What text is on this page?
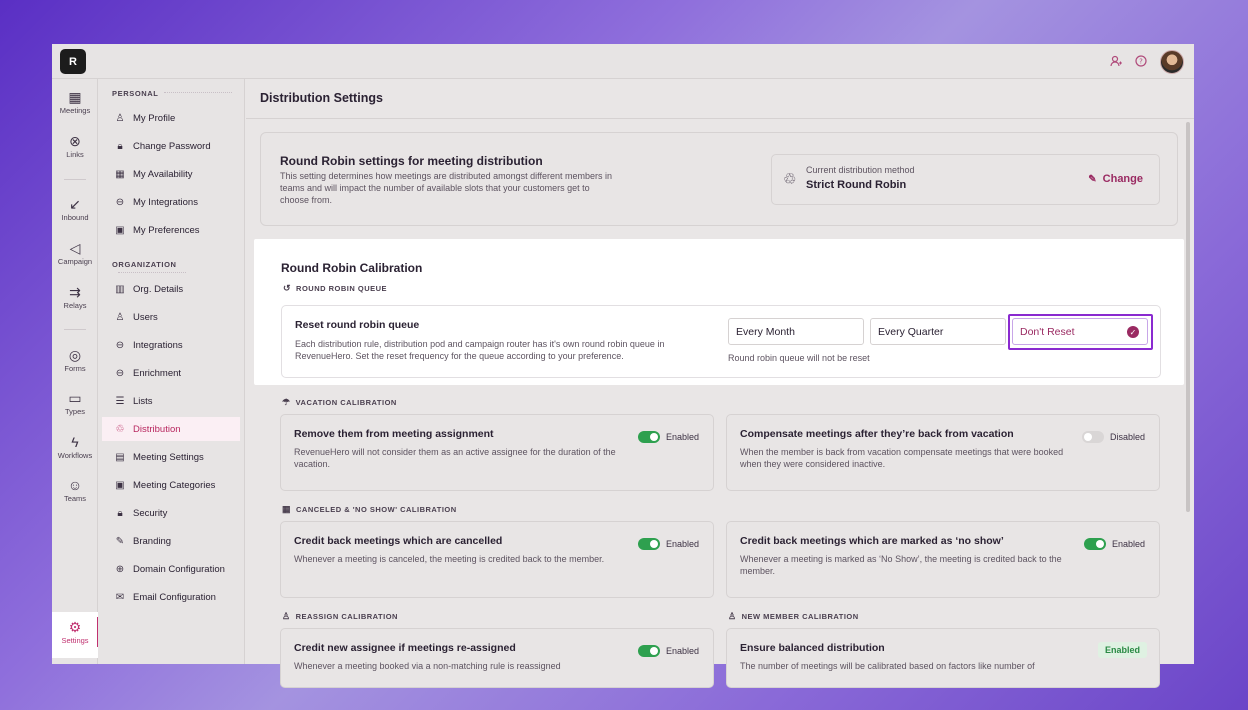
R	?
▦
Meetings
⊗
Links
↙
Inbound
◁
Campaign
⇉
Relays
◎
Forms
▭
Types
ϟ
Workflows
☺
Teams
⚙
Settings
PERSONAL
♙ My Profile
🔒︎	Change Password
▦ My Availability
⊖ My Integrations
▣ My Preferences
ORGANIZATION
▥ Org. Details
♙ Users
⊖ Integrations
⊖ Enrichment
☰ Lists
♲ Distribution
▤ Meeting Settings
▣ Meeting Categories
🔒︎	Security
✎ Branding
⊕ Domain Configuration
✉ Email Configuration
Distribution Settings
Round Robin settings for meeting distribution
This setting determines how meetings are distributed amongst different members in teams and will impact the number of available slots that your customers get to choose from.
♲
Current distribution method
Strict Round Robin	✎ Change
Round Robin Calibration
↺ ROUND ROBIN QUEUE
Reset round robin queue
Each distribution rule, distribution pod and campaign router has it's own round robin queue in RevenueHero. Set the reset frequency for the queue according to your preference.
Every Month	Every Quarter	Don't Reset	✓
Round robin queue will not be reset
☂ VACATION CALIBRATION
Remove them from meeting assignment
RevenueHero will not consider them as an active assignee for the duration of the vacation.
Enabled	Compensate meetings after they’re back from vacation
When the member is back from vacation compensate meetings that were booked when they were considered inactive.
Disabled
▦ CANCELED & 'NO SHOW' CALIBRATION
Credit back meetings which are cancelled
Whenever a meeting is canceled, the meeting is credited back to the member.
Enabled	Credit back meetings which are marked as ‘no show’
Whenever a meeting is marked as ‘No Show’, the meeting is credited back to the member.
Enabled
♙ REASSIGN CALIBRATION	♙ NEW MEMBER CALIBRATION
Credit new assignee if meetings re-assigned
Whenever a meeting booked via a non-matching rule is reassigned
Enabled	Ensure balanced distribution
The number of meetings will be calibrated based on factors like number of
Enabled
